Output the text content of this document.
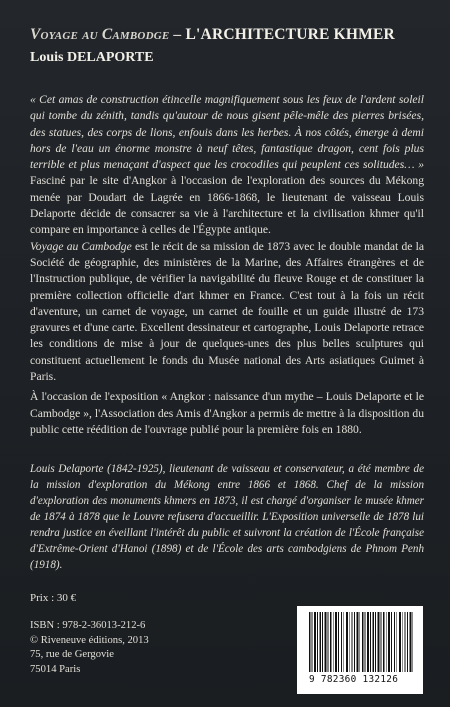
Voyage au Cambodge – L'ARCHITECTURE KHMER
Louis DELAPORTE

« Cet amas de construction étincelle magnifiquement sous les feux de l'ardent soleil qui tombe du zénith, tandis qu'autour de nous gisent pêle-mêle des pierres brisées, des statues, des corps de lions, enfouis dans les herbes. À nos côtés, émerge à demi hors de l'eau un énorme monstre à neuf têtes, fantastique dragon, cent fois plus terrible et plus menaçant d'aspect que les crocodiles qui peuplent ces solitudes… » Fasciné par le site d'Angkor à l'occasion de l'exploration des sources du Mékong menée par Doudart de Lagrée en 1866-1868, le lieutenant de vaisseau Louis Delaporte décide de consacrer sa vie à l'architecture et la civilisation khmer qu'il compare en importance à celles de l'Égypte antique.

Voyage au Cambodge est le récit de sa mission de 1873 avec le double mandat de la Société de géographie, des ministères de la Marine, des Affaires étrangères et de l'Instruction publique, de vérifier la navigabilité du fleuve Rouge et de constituer la première collection officielle d'art khmer en France. C'est tout à la fois un récit d'aventure, un carnet de voyage, un carnet de fouille et un guide illustré de 173 gravures et d'une carte. Excellent dessinateur et cartographe, Louis Delaporte retrace les conditions de mise à jour de quelques-unes des plus belles sculptures qui constituent actuellement le fonds du Musée national des Arts asiatiques Guimet à Paris.

À l'occasion de l'exposition « Angkor : naissance d'un mythe – Louis Delaporte et le Cambodge », l'Association des Amis d'Angkor a permis de mettre à la disposition du public cette réédition de l'ouvrage publié pour la première fois en 1880.

Louis Delaporte (1842-1925), lieutenant de vaisseau et conservateur, a été membre de la mission d'exploration du Mékong entre 1866 et 1868. Chef de la mission d'exploration des monuments khmers en 1873, il est chargé d'organiser le musée khmer de 1874 à 1878 que le Louvre refusera d'accueillir. L'Exposition universelle de 1878 lui rendra justice en éveillant l'intérêt du public et suivront la création de l'École française d'Extrême-Orient d'Hanoi (1898) et de l'École des arts cambodgiens de Phnom Penh (1918).

Prix : 30 €
ISBN : 978-2-36013-212-6
© Riveneuve éditions, 2013
75, rue de Gergovie
75014 Paris
9 782360 132126
